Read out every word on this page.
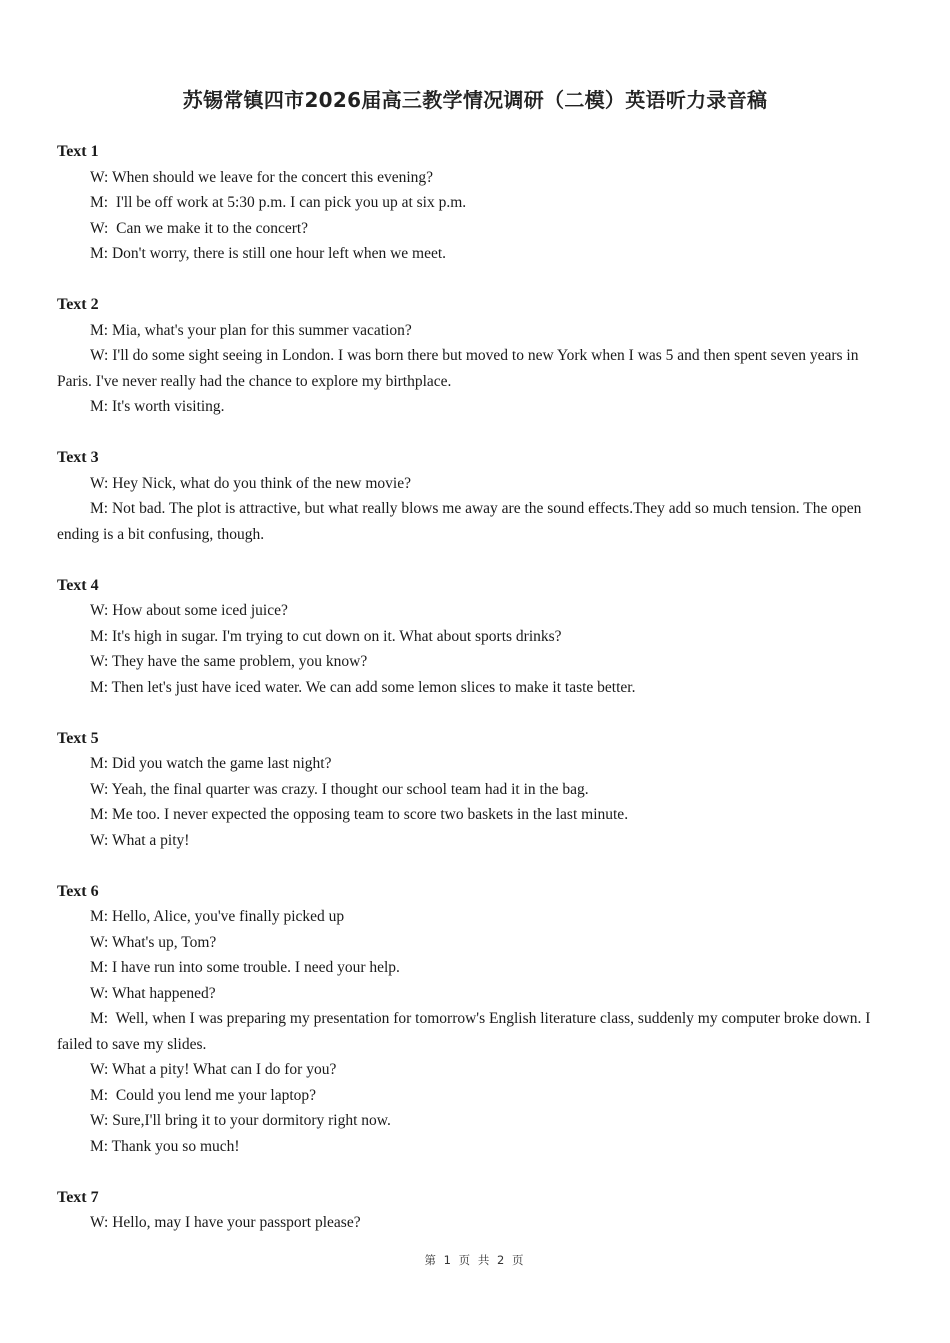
苏锡常镇四市2026届高三教学情况调研（二模）英语听力录音稿
Text 1
W: When should we leave for the concert this evening?
M:  I'll be off work at 5:30 p.m. I can pick you up at six p.m.
W:  Can we make it to the concert?
M: Don't worry, there is still one hour left when we meet.
Text 2
M: Mia, what's your plan for this summer vacation?
W: I'll do some sight seeing in London. I was born there but moved to new York when I was 5 and then spent seven years in Paris. I've never really had the chance to explore my birthplace.
M: It's worth visiting.
Text 3
W: Hey Nick, what do you think of the new movie?
M: Not bad. The plot is attractive, but what really blows me away are the sound effects.They add so much tension. The open ending is a bit confusing, though.
Text 4
W: How about some iced juice?
M: It's high in sugar. I'm trying to cut down on it. What about sports drinks?
W: They have the same problem, you know?
M: Then let's just have iced water. We can add some lemon slices to make it taste better.
Text 5
M: Did you watch the game last night?
W: Yeah, the final quarter was crazy. I thought our school team had it in the bag.
M: Me too. I never expected the opposing team to score two baskets in the last minute.
W: What a pity!
Text 6
M: Hello, Alice, you've finally picked up
W: What's up, Tom?
M: I have run into some trouble. I need your help.
W: What happened?
M:  Well, when I was preparing my presentation for tomorrow's English literature class, suddenly my computer broke down. I failed to save my slides.
W: What a pity! What can I do for you?
M:  Could you lend me your laptop?
W: Sure,I'll bring it to your dormitory right now.
M: Thank you so much!
Text 7
W: Hello, may I have your passport please?
第 1 页 共 2 页
